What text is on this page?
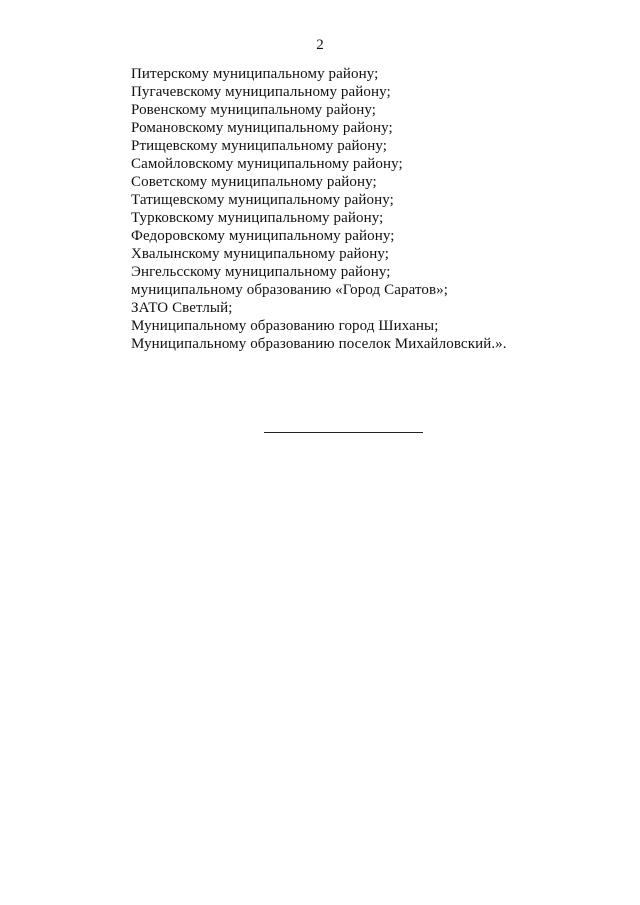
2
Питерскому муниципальному району;
Пугачевскому муниципальному району;
Ровенскому муниципальному району;
Романовскому муниципальному району;
Ртищевскому муниципальному району;
Самойловскому муниципальному району;
Советскому муниципальному району;
Татищевскому муниципальному району;
Турковскому муниципальному району;
Федоровскому муниципальному району;
Хвалынскому муниципальному району;
Энгельсскому муниципальному району;
муниципальному образованию «Город Саратов»;
ЗАТО Светлый;
Муниципальному образованию город Шиханы;
Муниципальному образованию поселок Михайловский.».
